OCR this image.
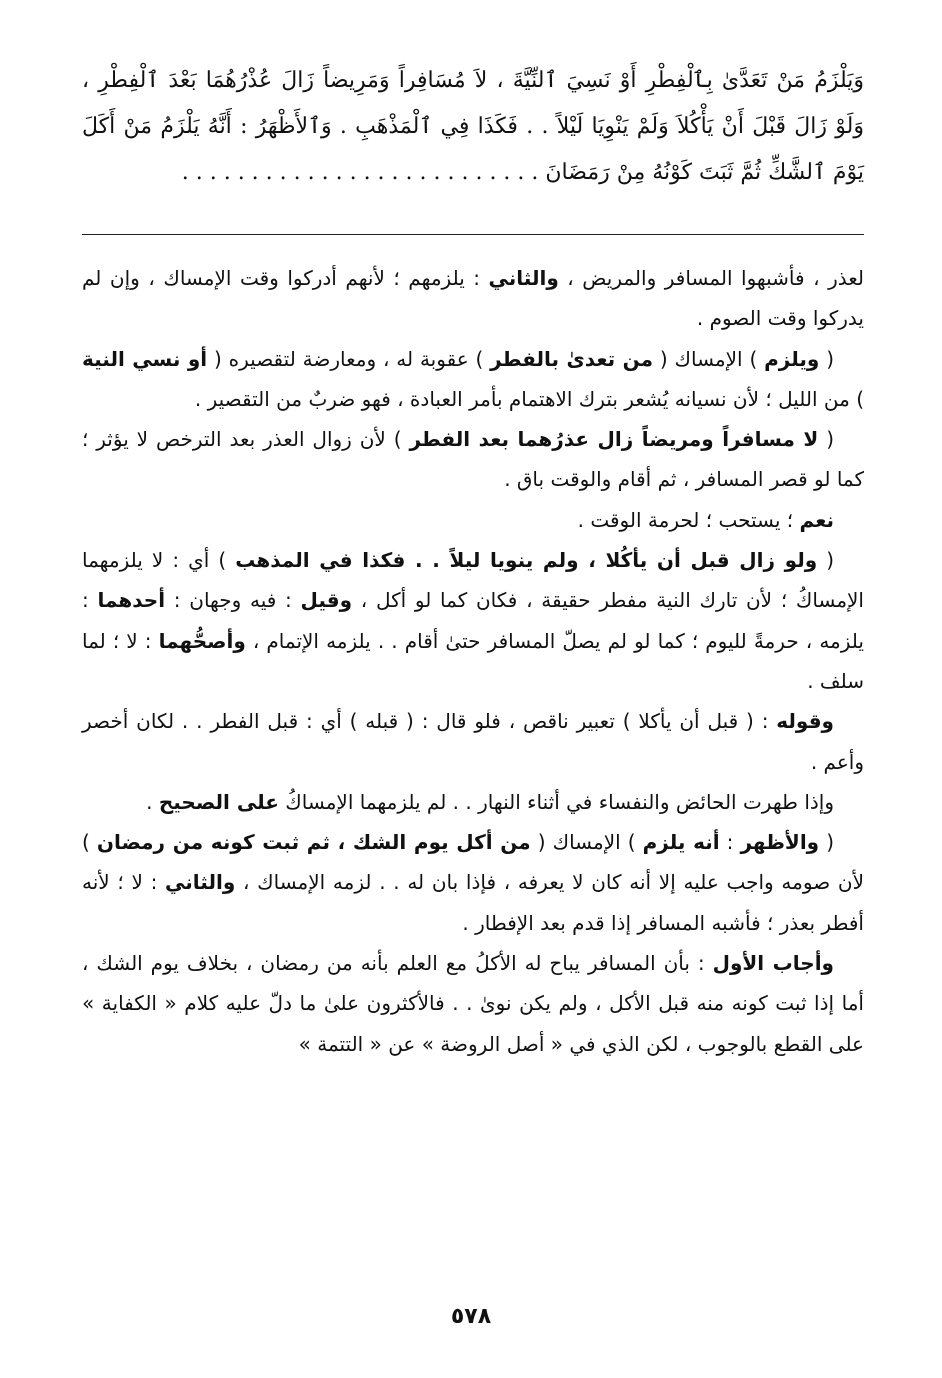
وَيَلْزَمُ مَنْ تَعَدَّىٰ بِٱلْفِطْرِ أَوْ نَسِيَ ٱلنِّيَّةَ ، لاَ مُسَافِراً وَمَرِيضاً زَالَ عُذْرُهُمَا بَعْدَ ٱلْفِطْرِ ، وَلَوْ زَالَ قَبْلَ أَنْ يَأْكُلاَ وَلَمْ يَنْوِيَا لَيْلاً . . فَكَذَا فِي ٱلْمَذْهَبِ . وَٱلأَظْهَرُ : أَنَّهُ يَلْزَمُ مَنْ أَكَلَ يَوْمَ ٱلشَّكِّ ثُمَّ ثَبَتَ كَوْنُهُ مِنْ رَمَضَانَ . . . . . . . . . . . . . . . . . . . . . . . . . .

لعذر ، فأشبهوا المسافر والمريض ، والثاني : يلزمهم ؛ لأنهم أدركوا وقت الإمساك ، وإن لم يدركوا وقت الصوم .

( ويلزم ) الإمساك ( من تعدىٰ بالفطر ) عقوبة له ، ومعارضة لتقصيره ( أو نسي النية ) من الليل ؛ لأن نسيانه يُشعر بترك الاهتمام بأمر العبادة ، فهو ضربٌ من التقصير .

( لا مسافراً ومريضاً زال عذرُهما بعد الفطر ) لأن زوال العذر بعد الترخص لا يؤثر ؛ كما لو قصر المسافر ، ثم أقام والوقت باق .

نعم ؛ يستحب ؛ لحرمة الوقت .

( ولو زال قبل أن يأكُلا ، ولم ينويا ليلاً . . فكذا في المذهب ) أي : لا يلزمهما الإمساكُ ؛ لأن تارك النية مفطر حقيقة ، فكان كما لو أكل ، وقيل : فيه وجهان : أحدهما : يلزمه ، حرمةً لليوم ؛ كما لو لم يصلّ المسافر حتىٰ أقام . . يلزمه الإتمام ، وأصحُّهما : لا ؛ لما سلف .

وقوله : ( قبل أن يأكلا ) تعبير ناقص ، فلو قال : ( قبله ) أي : قبل الفطر . . لكان أخصر وأعم .

وإذا طهرت الحائض والنفساء في أثناء النهار . . لم يلزمهما الإمساكُ على الصحيح .

( والأظهر : أنه يلزم ) الإمساك ( من أكل يوم الشك ، ثم ثبت كونه من رمضان ) لأن صومه واجب عليه إلا أنه كان لا يعرفه ، فإذا بان له . . لزمه الإمساك ، والثاني : لا ؛ لأنه أفطر بعذر ؛ فأشبه المسافر إذا قدم بعد الإفطار .

وأجاب الأول : بأن المسافر يباح له الأكلُ مع العلم بأنه من رمضان ، بخلاف يوم الشك ، أما إذا ثبت كونه منه قبل الأكل ، ولم يكن نوىٰ . . فالأكثرون علىٰ ما دلّ عليه كلام « الكفاية » على القطع بالوجوب ، لكن الذي في « أصل الروضة » عن « التتمة »

٥٧٨
